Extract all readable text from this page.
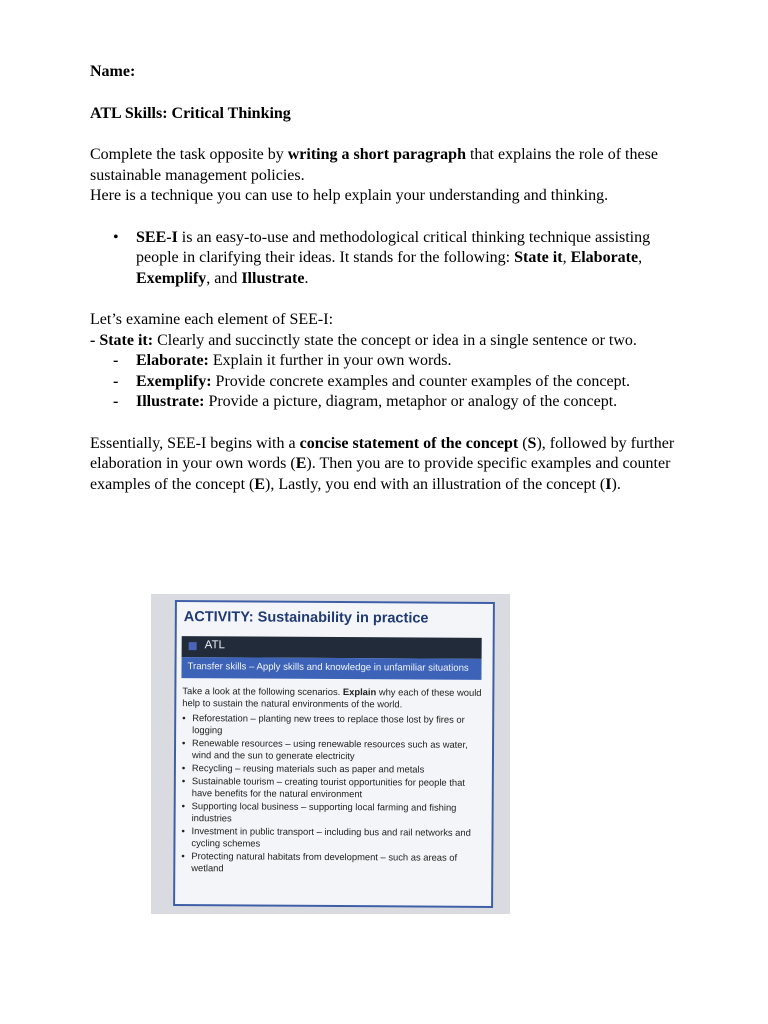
Name:

ATL Skills: Critical Thinking

Complete the task opposite by writing a short paragraph that explains the role of these sustainable management policies.

Here is a technique you can use to help explain your understanding and thinking.

•	SEE-I is an easy-to-use and methodological critical thinking technique assisting people in clarifying their ideas. It stands for the following: State it, Elaborate, Exemplify, and Illustrate.

Let’s examine each element of SEE-I:

- State it: Clearly and succinctly state the concept or idea in a single sentence or two.

-	Elaborate: Explain it further in your own words.
-	Exemplify: Provide concrete examples and counter examples of the concept.
-	Illustrate: Provide a picture, diagram, metaphor or analogy of the concept.

Essentially, SEE-I begins with a concise statement of the concept (S), followed by further elaboration in your own words (E). Then you are to provide specific examples and counter examples of the concept (E), Lastly, you end with an illustration of the concept (I).

ACTIVITY: Sustainability in practice
ATL
Transfer skills – Apply skills and knowledge in unfamiliar situations

Take a look at the following scenarios. Explain why each of these would help to sustain the natural environments of the world.

• Reforestation – planting new trees to replace those lost by fires or logging
• Renewable resources – using renewable resources such as water, wind and the sun to generate electricity
• Recycling – reusing materials such as paper and metals
• Sustainable tourism – creating tourist opportunities for people that have benefits for the natural environment
• Supporting local business – supporting local farming and fishing industries
• Investment in public transport – including bus and rail networks and cycling schemes
• Protecting natural habitats from development – such as areas of wetland
